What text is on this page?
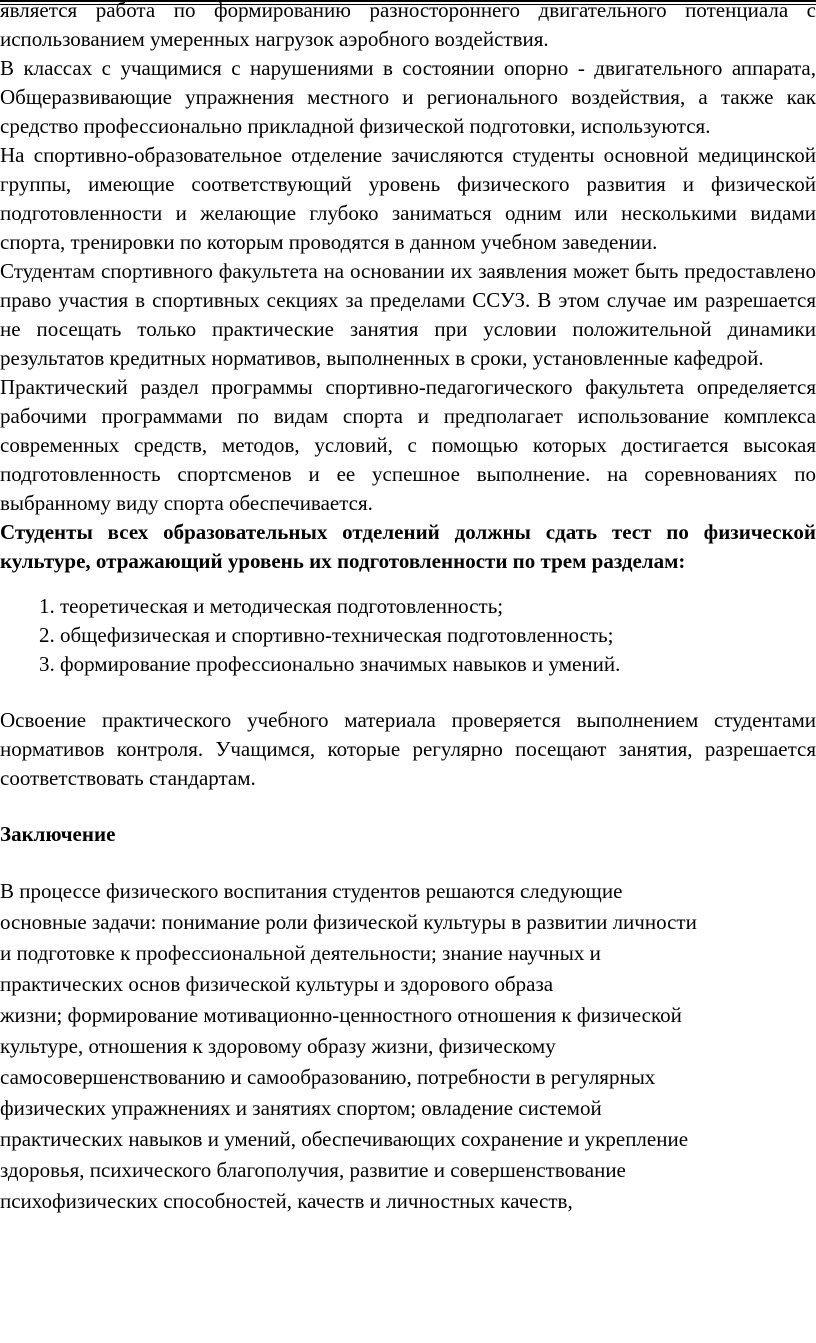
является работа по формированию разностороннего двигательного потенциала с использованием умеренных нагрузок аэробного воздействия.

В классах с учащимися с нарушениями в состоянии опорно - двигательного аппарата, Общеразвивающие упражнения местного и регионального воздействия, а также как средство профессионально прикладной физической подготовки, используются.

На спортивно-образовательное отделение зачисляются студенты основной медицинской группы, имеющие соответствующий уровень физического развития и физической подготовленности и желающие глубоко заниматься одним или несколькими видами спорта, тренировки по которым проводятся в данном учебном заведении.

Студентам спортивного факультета на основании их заявления может быть предоставлено право участия в спортивных секциях за пределами ССУЗ. В этом случае им разрешается не посещать только практические занятия при условии положительной динамики результатов кредитных нормативов, выполненных в сроки, установленные кафедрой.

Практический раздел программы спортивно-педагогического факультета определяется рабочими программами по видам спорта и предполагает использование комплекса современных средств, методов, условий, с помощью которых достигается высокая подготовленность спортсменов и ее успешное выполнение. на соревнованиях по выбранному виду спорта обеспечивается.

Студенты всех образовательных отделений должны сдать тест по физической культуре, отражающий уровень их подготовленности по трем разделам:

1. теоретическая и методическая подготовленность;
2. общефизическая и спортивно-техническая подготовленность;
3. формирование профессионально значимых навыков и умений.

Освоение практического учебного материала проверяется выполнением студентами нормативов контроля. Учащимся, которые регулярно посещают занятия, разрешается соответствовать стандартам.

Заключение

В процессе физического воспитания студентов решаются следующие

основные задачи: понимание роли физической культуры в развитии личности

и подготовке к профессиональной деятельности; знание научных и

практических основ физической культуры и здорового образа

жизни; формирование мотивационно-ценностного отношения к физической

культуре, отношения к здоровому образу жизни, физическому

самосовершенствованию и самообразованию, потребности в регулярных

физических упражнениях и занятиях спортом; овладение системой

практических навыков и умений, обеспечивающих сохранение и укрепление

здоровья, психического благополучия, развитие и совершенствование

психофизических способностей, качеств и личностных качеств,
